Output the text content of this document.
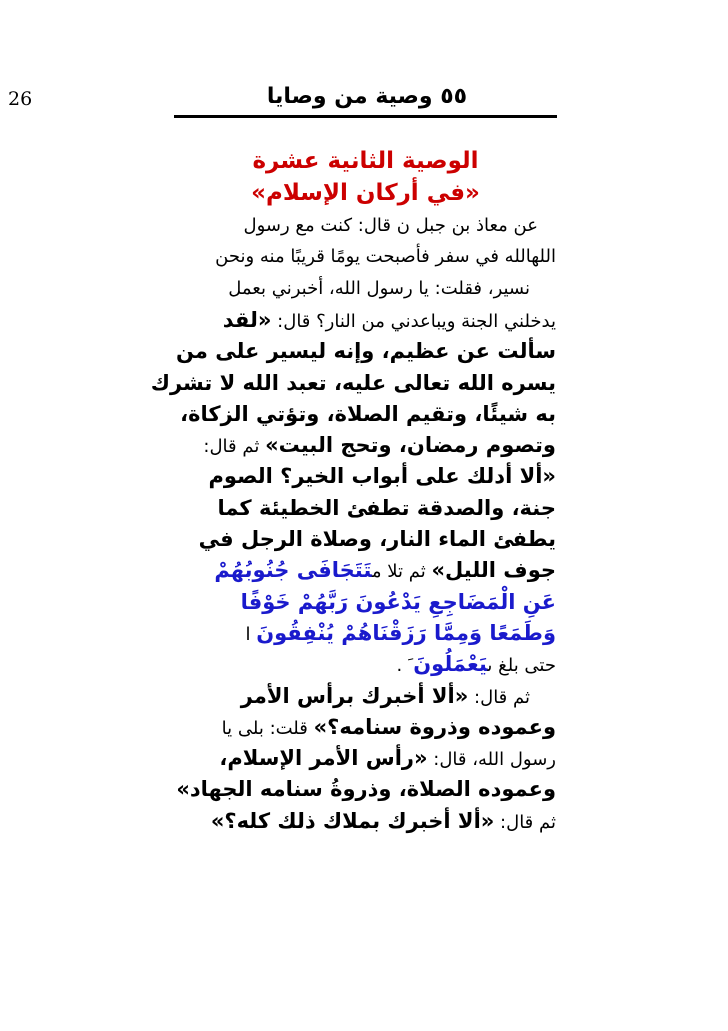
26	٥٥ وصية من وصايا
الوصية الثانية عشرة
«في أركان الإسلام»
عن معاذ بن جبل ن قال: كنت مع رسول
اللهالله في سفر فأصبحت يومًا قريبًا منه ونحن
نسير، فقلت: يا رسول الله، أخبرني بعمل
يدخلني الجنة ويباعدني من النار؟ قال: «لقد
سألت عن عظيم، وإنه ليسير على من
يسره الله تعالى عليه، تعبد الله لا تشرك
به شيئًا، وتقيم الصلاة، وتؤتي الزكاة،
وتصوم رمضان، وتحج البيت» ثم قال:
«ألا أدلك على أبواب الخير؟ الصوم
جنة، والصدقة تطفئ الخطيئة كما
يطفئ الماء النار، وصلاة الرجل في
جوف الليل» ثم تلا متَتَجَافَى جُنُوبُهُمْ
عَنِ الْمَضَاجِعِ يَدْعُونَ رَبَّهُمْ خَوْفًا
وَطَمَعًا وَمِمَّا رَزَقْنَاهُمْ يُنْفِقُونَ ا
حتى بلغ ىيَعْمَلُونَ َ .
ثم قال: «ألا أخبرك برأس الأمر
وعموده وذروة سنامه؟» قلت: بلى يا
رسول الله، قال: «رأس الأمر الإسلام،
وعموده الصلاة، وذروةُ سنامه الجهاد»
ثم قال: «ألا أخبرك بملاك ذلك كله؟»
